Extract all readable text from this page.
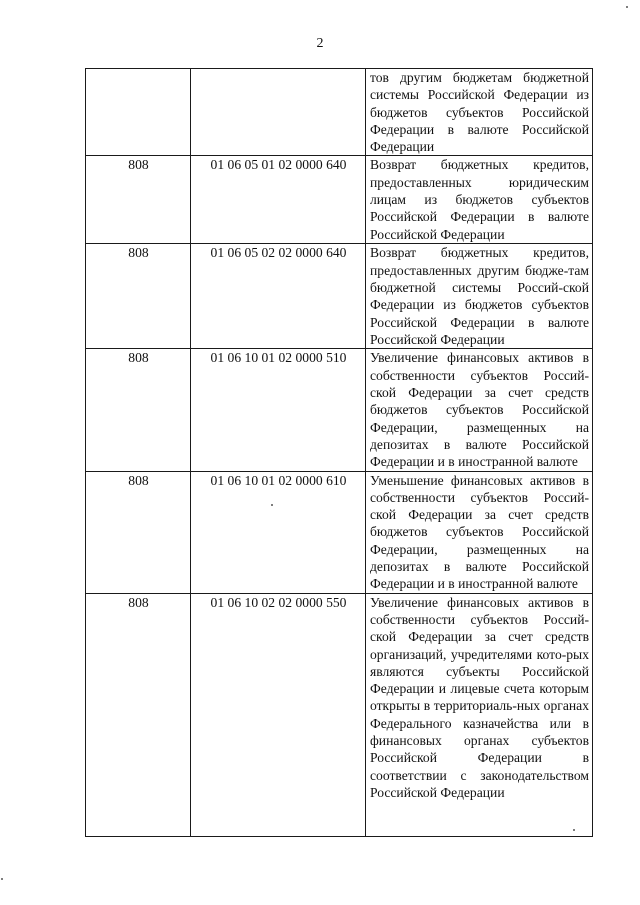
2

		тов другим бюджетам бюджетной системы Российской Федерации из бюджетов субъектов Российской Федерации в валюте Российской Федерации

808	01 06 05 01 02 0000 640	Возврат бюджетных кредитов, предоставленных юридическим лицам из бюджетов субъектов Российской Федерации в валюте Российской Федерации

808	01 06 05 02 02 0000 640	Возврат бюджетных кредитов, предоставленных другим бюдже-там бюджетной системы Россий-ской Федерации из бюджетов субъектов Российской Федерации в валюте Российской Федерации

808	01 06 10 01 02 0000 510	Увеличение финансовых активов в собственности субъектов Россий-ской Федерации за счет средств бюджетов субъектов Российской Федерации, размещенных на депозитах в валюте Российской Федерации и в иностранной валюте

808	01 06 10 01 02 0000 610	Уменьшение финансовых активов в собственности субъектов Россий-ской Федерации за счет средств бюджетов субъектов Российской Федерации, размещенных на депозитах в валюте Российской Федерации и в иностранной валюте

808	01 06 10 02 02 0000 550	Увеличение финансовых активов в собственности субъектов Россий-ской Федерации за счет средств организаций, учредителями кото-рых являются субъекты Российской Федерации и лицевые счета которым открыты в территориаль-ных органах Федерального казначейства или в финансовых органах субъектов Российской Федерации в соответствии с законодательством Российской Федерации
